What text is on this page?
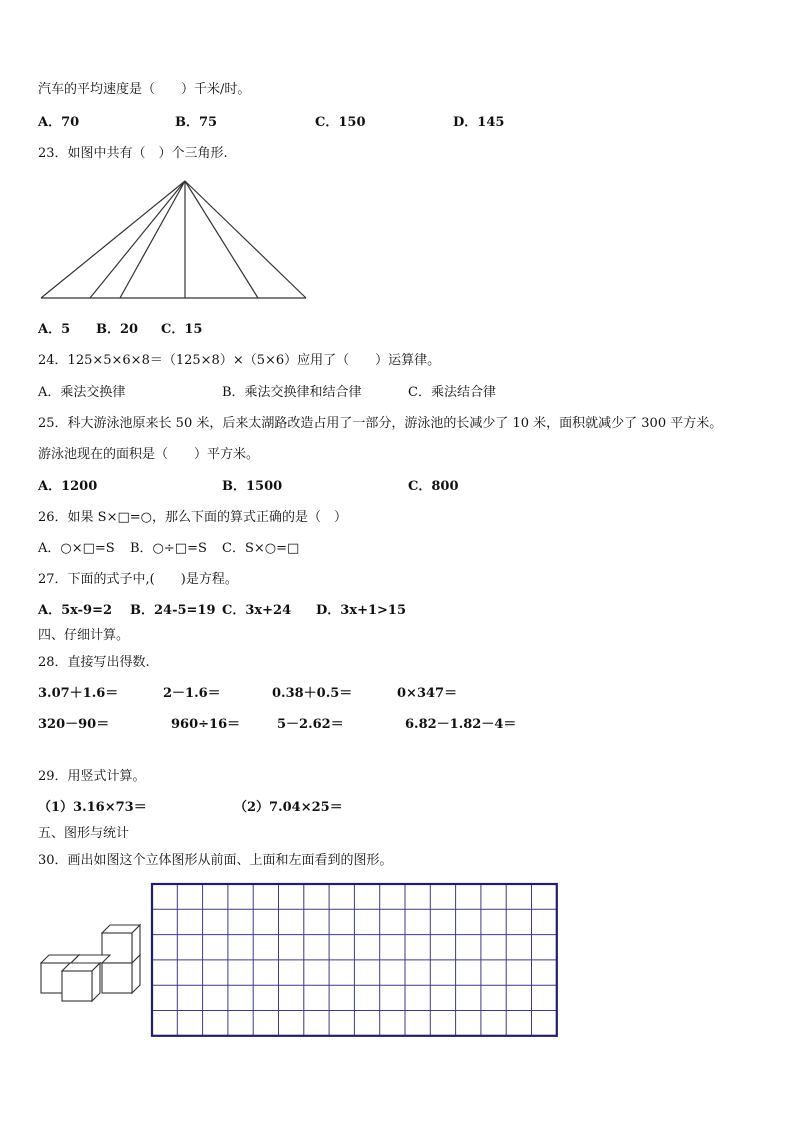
汽车的平均速度是（　　）千米/时。
A．70	B．75	C．150	D．145
23．如图中共有（　）个三角形.
A．5 B．20 C．15
24．125×5×6×8＝（125×8）×（5×6）应用了（　　）运算律。
A．乘法交换律	B．乘法交换律和结合律	C．乘法结合律
25．科大游泳池原来长 50 米，后来太湖路改造占用了一部分，游泳池的长减少了 10 米，面积就减少了 300 平方米。
游泳池现在的面积是（　　）平方米。
A．1200	B．1500	C．800
26．如果 S×□=○，那么下面的算式正确的是（　）
A．○×□=S B．○÷□=S C．S×○=□
27．下面的式子中,(　　)是方程。
A．5x-9=2 B．24-5=19 C．3x+24 D．3x+1>15
四、仔细计算。
28．直接写出得数.
3.07＋1.6＝	2－1.6＝	0.38＋0.5＝	0×347＝
320－90＝	960÷16＝	5－2.62＝	6.82－1.82－4＝
29．用竖式计算。
（1）3.16×73＝	（2）7.04×25＝
五、图形与统计
30．画出如图这个立体图形从前面、上面和左面看到的图形。
